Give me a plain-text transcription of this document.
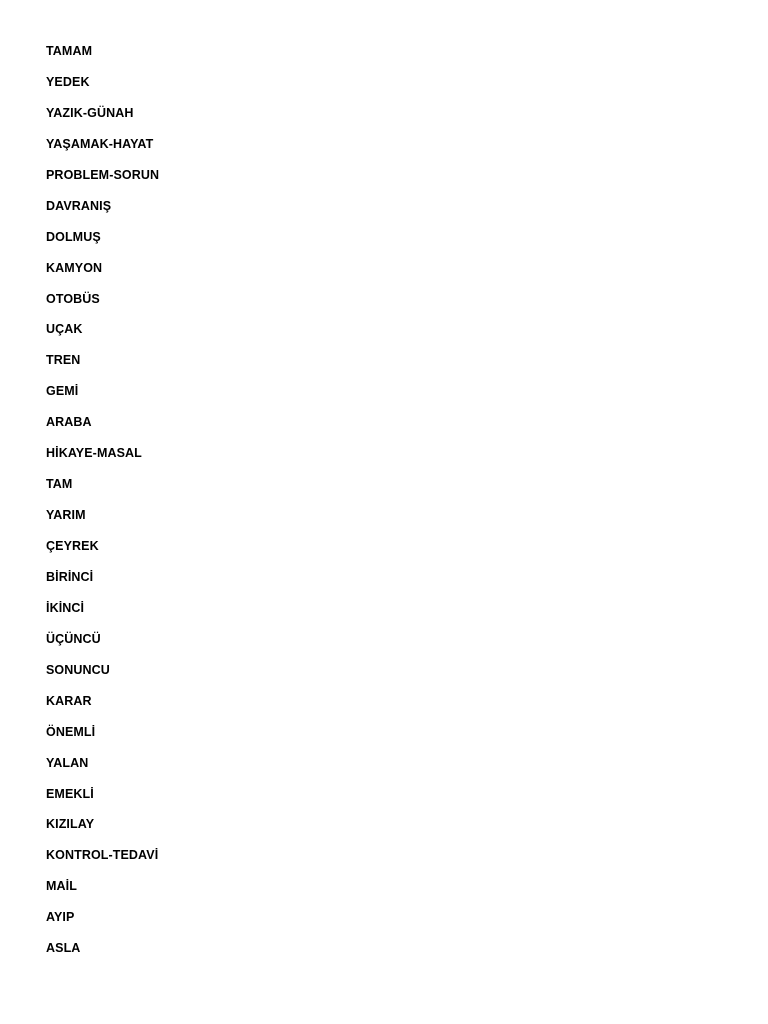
TAMAM
YEDEK
YAZIK-GÜNAH
YAŞAMAK-HAYAT
PROBLEM-SORUN
DAVRANIŞ
DOLMUŞ
KAMYON
OTOBÜS
UÇAK
TREN
GEMİ
ARABA
HİKAYE-MASAL
TAM
YARIM
ÇEYREK
BİRİNCİ
İKİNCİ
ÜÇÜNCÜ
SONUNCU
KARAR
ÖNEMLİ
YALAN
EMEKLİ
KIZILAY
KONTROL-TEDAVİ
MAİL
AYIP
ASLA
